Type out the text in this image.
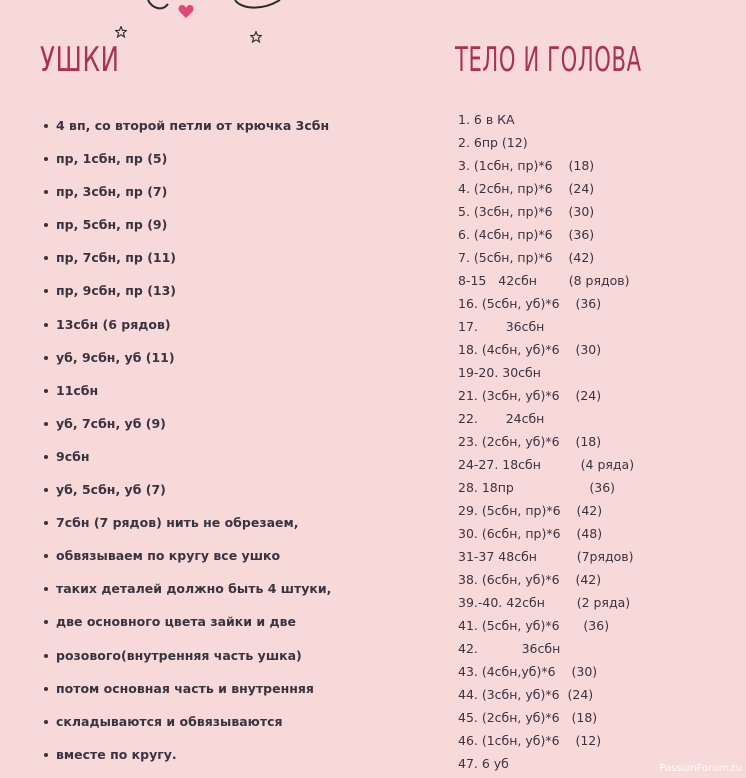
УШКИ	ТЕЛО И ГОЛОВА
4 вп, со второй петли от крючка 3сбн
пр, 1сбн, пр (5)
пр, 3сбн, пр (7)
пр, 5сбн, пр (9)
пр, 7сбн, пр (11)
пр, 9сбн, пр (13)
13сбн (6 рядов)
уб, 9сбн, уб (11)
11сбн
уб, 7сбн, уб (9)
9сбн
уб, 5сбн, уб (7)
7сбн (7 рядов) нить не обрезаем,
обвязываем по кругу все ушко
таких деталей должно быть 4 штуки,
две основного цвета зайки и две
розового(внутренняя часть ушка)
потом основная часть и внутренняя
складываются и обвязываются
вместе по кругу.
1. 6 в КА
2. 6пр (12)
3. (1сбн, пр)*6    (18)
4. (2сбн, пр)*6    (24)
5. (3сбн, пр)*6    (30)
6. (4сбн, пр)*6    (36)
7. (5сбн, пр)*6    (42)
8-15   42сбн        (8 рядов)
16. (5сбн, уб)*6    (36)
17.       36сбн
18. (4сбн, уб)*6    (30)
19-20. 30сбн
21. (3сбн, уб)*6    (24)
22.       24сбн
23. (2сбн, уб)*6    (18)
24-27. 18сбн          (4 ряда)
28. 18пр                   (36)
29. (5сбн, пр)*6    (42)
30. (6сбн, пр)*6    (48)
31-37 48сбн          (7рядов)
38. (6сбн, уб)*6    (42)
39.-40. 42сбн        (2 ряда)
41. (5сбн, уб)*6      (36)
42.           36сбн
43. (4сбн,уб)*6    (30)
44. (3сбн, уб)*6  (24)
45. (2сбн, уб)*6   (18)
46. (1сбн, уб)*6    (12)
47. 6 уб	PassionForum.ru
